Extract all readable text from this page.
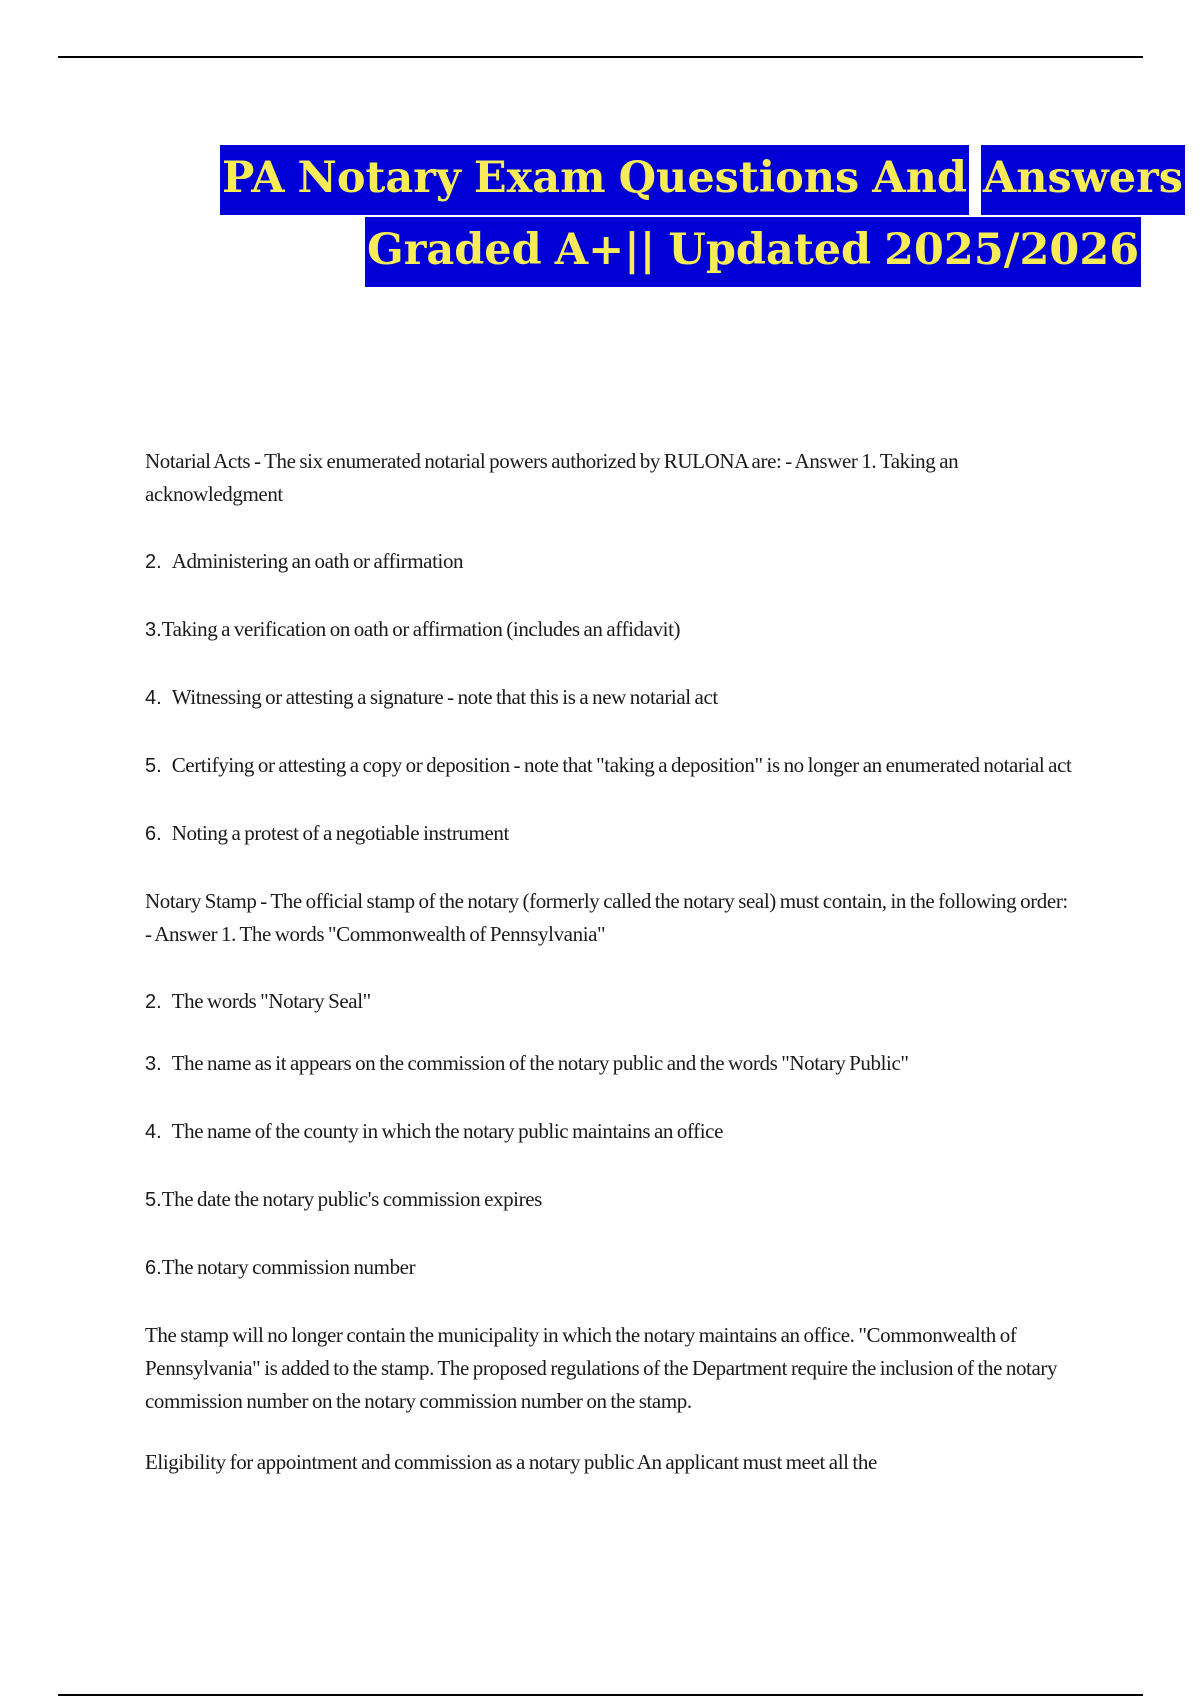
PA Notary Exam Questions And Answers
Graded A+|| Updated 2025/2026

Notarial Acts - The six enumerated notarial powers authorized by RULONA are: - Answer 1. Taking an acknowledgment

2. Administering an oath or affirmation

3.Taking a verification on oath or affirmation (includes an affidavit)

4. Witnessing or attesting a signature - note that this is a new notarial act

5. Certifying or attesting a copy or deposition - note that "taking a deposition" is no longer an enumerated notarial act

6. Noting a protest of a negotiable instrument

Notary Stamp - The official stamp of the notary (formerly called the notary seal) must contain, in the following order: - Answer 1. The words "Commonwealth of Pennsylvania"

2. The words "Notary Seal"

3. The name as it appears on the commission of the notary public and the words "Notary Public"

4. The name of the county in which the notary public maintains an office

5.The date the notary public's commission expires

6.The notary commission number

The stamp will no longer contain the municipality in which the notary maintains an office. "Commonwealth of Pennsylvania" is added to the stamp. The proposed regulations of the Department require the inclusion of the notary commission number on the notary commission number on the stamp.

Eligibility for appointment and commission as a notary public An applicant must meet all the
